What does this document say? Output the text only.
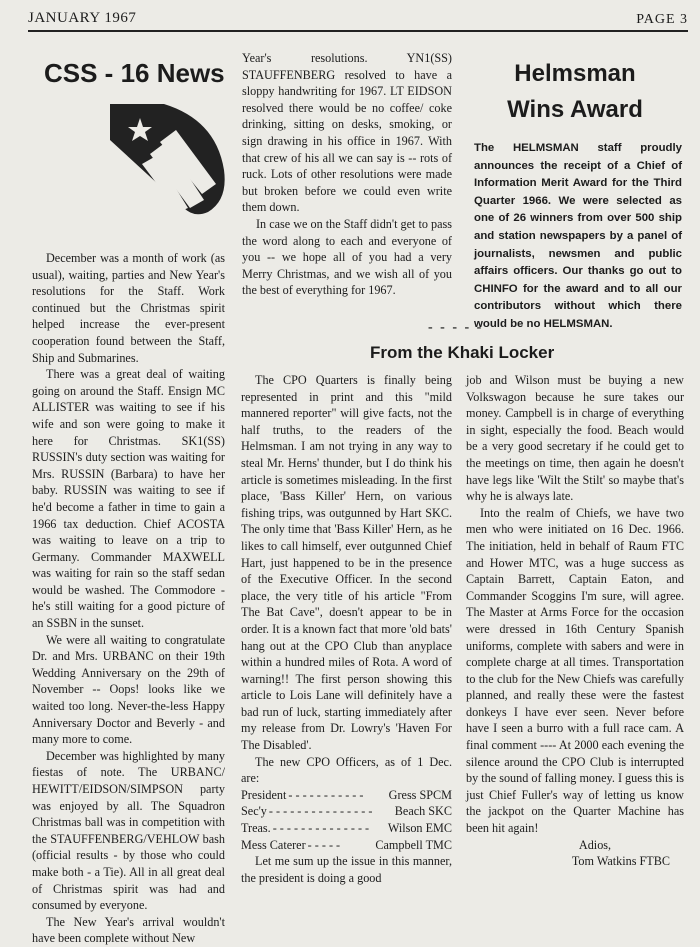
JANUARY 1967	PAGE 3
CSS - 16 News

December was a month of work (as usual), waiting, parties and New Year's resolutions for the Staff. Work continued but the Christmas spirit helped increase the ever-present cooperation found between the Staff, Ship and Submarines.

There was a great deal of waiting going on around the Staff. Ensign MC ALLISTER was waiting to see if his wife and son were going to make it here for Christmas. SK1(SS) RUSSIN's duty section was waiting for Mrs. RUSSIN (Barbara) to have her baby. RUSSIN was waiting to see if he'd become a father in time to gain a 1966 tax deduction. Chief ACOSTA was waiting to leave on a trip to Germany. Commander MAXWELL was waiting for rain so the staff sedan would be washed. The Commodore - he's still waiting for a good picture of an SSBN in the sunset.

We were all waiting to congratulate Dr. and Mrs. URBANC on their 19th Wedding Anniversary on the 29th of November -- Oops! looks like we waited too long. Never-the-less Happy Anniversary Doctor and Beverly - and many more to come.

December was highlighted by many fiestas of note. The URBANC/ HEWITT/EIDSON/SIMPSON party was enjoyed by all. The Squadron Christmas ball was in competition with the STAUFFENBERG/VEHLOW bash (official results - by those who could make both - a Tie). All in all great deal of Christmas spirit was had and consumed by everyone.

The New Year's arrival wouldn't have been complete without New

Year's resolutions. YN1(SS) STAUFFENBERG resolved to have a sloppy handwriting for 1967. LT EIDSON resolved there would be no coffee/ coke drinking, sitting on desks, smoking, or sign drawing in his office in 1967. With that crew of his all we can say is -- rots of ruck. Lots of other resolutions were made but broken before we could even write them down.

In case we on the Staff didn't get to pass the word along to each and everyone of you -- we hope all of you had a very Merry Christmas, and we wish all of you the best of everything for 1967.

Helmsman
Wins Award
The HELMSMAN staff proudly announces the receipt of a Chief of Information Merit Award for the Third Quarter 1966. We were selected as one of 26 winners from over 500 ship and station newspapers by a panel of journalists, newsmen and public affairs officers. Our thanks go out to CHINFO for the award and to all our contributors without which there would be no HELMSMAN.
- - - - -
From the Khaki Locker

The CPO Quarters is finally being represented in print and this "mild mannered reporter" will give facts, not the half truths, to the readers of the Helmsman. I am not trying in any way to steal Mr. Herns' thunder, but I do think his article is sometimes misleading. In the first place, 'Bass Killer' Hern, on various fishing trips, was outgunned by Hart SKC. The only time that 'Bass Killer' Hern, as he likes to call himself, ever outgunned Chief Hart, just happened to be in the presence of the Executive Officer. In the second place, the very title of his article "From The Bat Cave", doesn't appear to be in order. It is a known fact that more 'old bats' hang out at the CPO Club than anyplace within a hundred miles of Rota. A word of warning!! The first person showing this article to Lois Lane will definitely have a bad run of luck, starting immediately after my release from Dr. Lowry's 'Haven For The Disabled'.

The new CPO Officers, as of 1 Dec. are:

President - - - - - - - - - - -	Gress SPCM
Sec'y - - - - - - - - - - - - - - -	Beach SKC
Treas. - - - - - - - - - - - - - -	Wilson EMC
Mess Caterer - - - - -	Campbell TMC

Let me sum up the issue in this manner, the president is doing a good

job and Wilson must be buying a new Volkswagon because he sure takes our money. Campbell is in charge of everything in sight, especially the food. Beach would be a very good secretary if he could get to the meetings on time, then again he doesn't have legs like 'Wilt the Stilt' so maybe that's why he is always late.

Into the realm of Chiefs, we have two men who were initiated on 16 Dec. 1966. The initiation, held in behalf of Raum FTC and Hower MTC, was a huge success as Captain Barrett, Captain Eaton, and Commander Scoggins I'm sure, will agree. The Master at Arms Force for the occasion were dressed in 16th Century Spanish uniforms, complete with sabers and were in complete charge at all times. Transportation to the club for the New Chiefs was carefully planned, and really these were the fastest donkeys I have ever seen. Never before have I seen a burro with a full race cam. A final comment ---- At 2000 each evening the silence around the CPO Club is interrupted by the sound of falling money. I guess this is just Chief Fuller's way of letting us know the jackpot on the Quarter Machine has been hit again!

Adios,

Tom Watkins FTBC
